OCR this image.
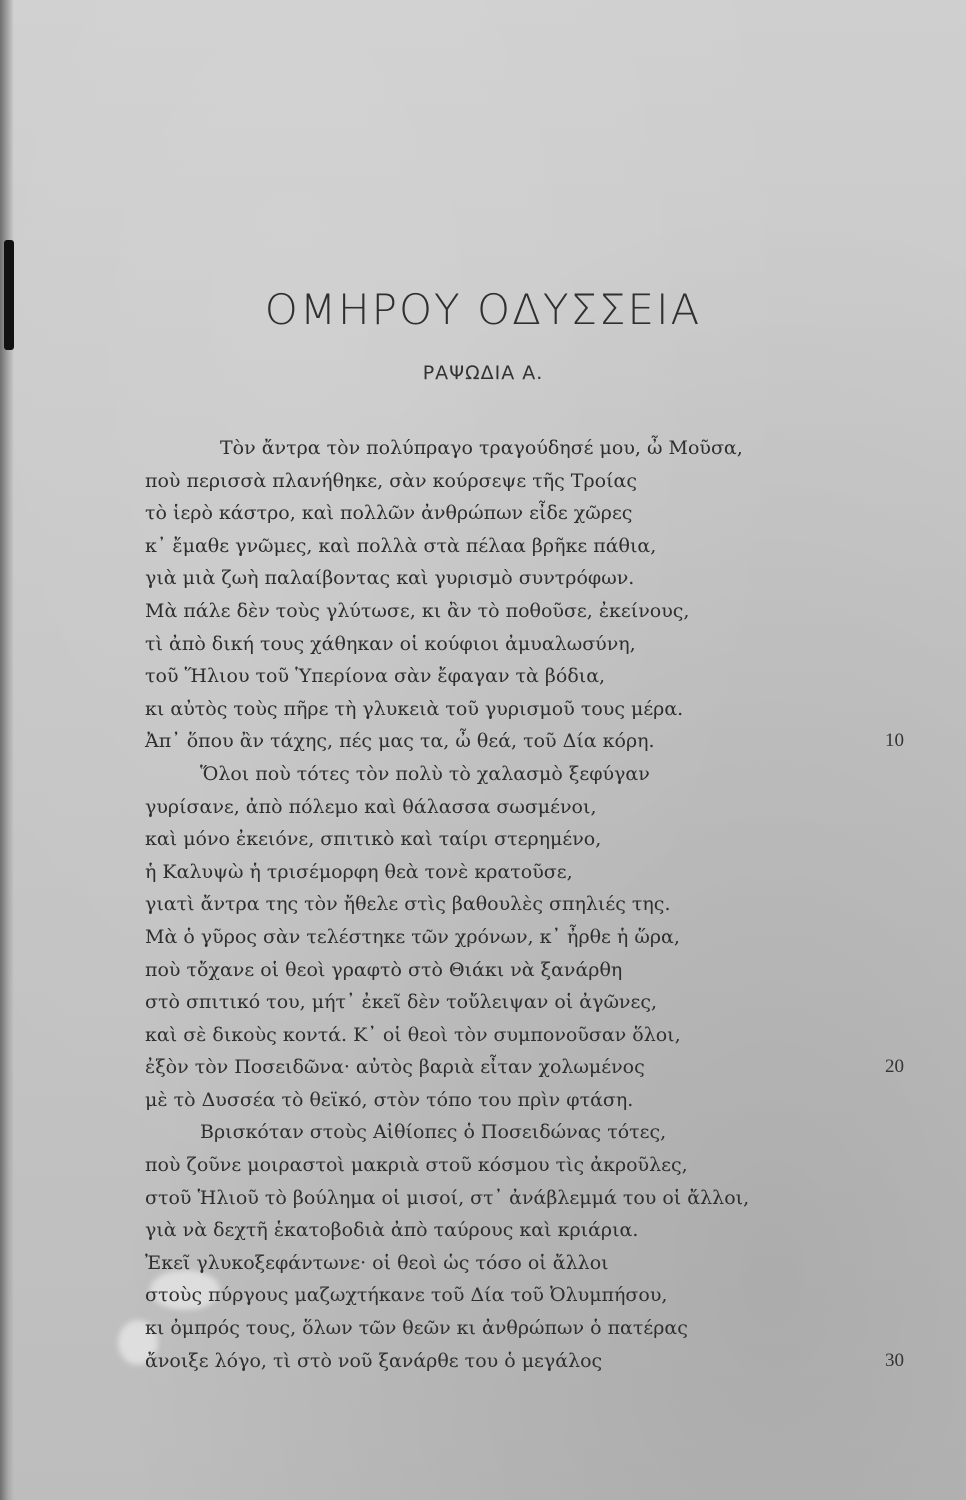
ΟΜΗΡΟΥ ΟΔΥΣΣΕΙΑ
ΡΑΨΩΔΙΑ Α.
Τὸν ἄντρα τὸν πολύπραγο τραγούδησέ μου, ὦ Μοῦσα,
ποὺ περισσὰ πλανήθηκε, σὰν κούρσεψε τῆς Τροίας
τὸ ἱερὸ κάστρο, καὶ πολλῶν ἀνθρώπων εἶδε χῶρες
κ᾽ ἔμαθε γνῶμες, καὶ πολλὰ στὰ πέλαα βρῆκε πάθια,
γιὰ μιὰ ζωὴ παλαίβοντας καὶ γυρισμὸ συντρόφων.
Μὰ πάλε δὲν τοὺς γλύτωσε, κι ἂν τὸ ποθοῦσε, ἐκείνους,
τὶ ἀπὸ δική τους χάθηκαν οἱ κούφιοι ἀμυαλωσύνη,
τοῦ Ἥλιου τοῦ Ὑπερίονα σὰν ἔφαγαν τὰ βόδια,
κι αὐτὸς τοὺς πῆρε τὴ γλυκειὰ τοῦ γυρισμοῦ τους μέρα.
Ἀπ᾽ ὅπου ἂν τάχης, πές μας τα, ὦ θεά, τοῦ Δία κόρη.	10
Ὅλοι ποὺ τότες τὸν πολὺ τὸ χαλασμὸ ξεφύγαν
γυρίσανε, ἀπὸ πόλεμο καὶ θάλασσα σωσμένοι,
καὶ μόνο ἐκειόνε, σπιτικὸ καὶ ταίρι στερημένο,
ἡ Καλυψὼ ἡ τρισέμορφη θεὰ τονὲ κρατοῦσε,
γιατὶ ἄντρα της τὸν ἤθελε στὶς βαθουλὲς σπηλιές της.
Μὰ ὁ γῦρος σὰν τελέστηκε τῶν χρόνων, κ᾽ ἦρθε ἡ ὥρα,
ποὺ τὄχανε οἱ θεοὶ γραφτὸ στὸ Θιάκι νὰ ξανάρθη
στὸ σπιτικό του, μήτ᾽ ἐκεῖ δὲν τοὔλειψαν οἱ ἀγῶνες,
καὶ σὲ δικοὺς κοντά. Κ᾽ οἱ θεοὶ τὸν συμπονοῦσαν ὅλοι,
ἐξὸν τὸν Ποσειδῶνα· αὐτὸς βαριὰ εἶταν χολωμένος	20
μὲ τὸ Δυσσέα τὸ θεϊκό, στὸν τόπο του πρὶν φτάση.
Βρισκόταν στοὺς Αἰθίοπες ὁ Ποσειδώνας τότες,
ποὺ ζοῦνε μοιραστοὶ μακριὰ στοῦ κόσμου τὶς ἀκροῦλες,
στοῦ Ἡλιοῦ τὸ βούλημα οἱ μισοί, στ᾽ ἀνάβλεμμά του οἱ ἄλλοι,
γιὰ νὰ δεχτῆ ἑκατοβοδιὰ ἀπὸ ταύρους καὶ κριάρια.
Ἐκεῖ γλυκοξεφάντωνε· οἱ θεοὶ ὡς τόσο οἱ ἄλλοι
στοὺς πύργους μαζωχτήκανε τοῦ Δία τοῦ Ὀλυμπήσου,
κι ὀμπρός τους, ὅλων τῶν θεῶν κι ἀνθρώπων ὁ πατέρας
ἄνοιξε λόγο, τὶ στὸ νοῦ ξανάρθε του ὁ μεγάλος	30
